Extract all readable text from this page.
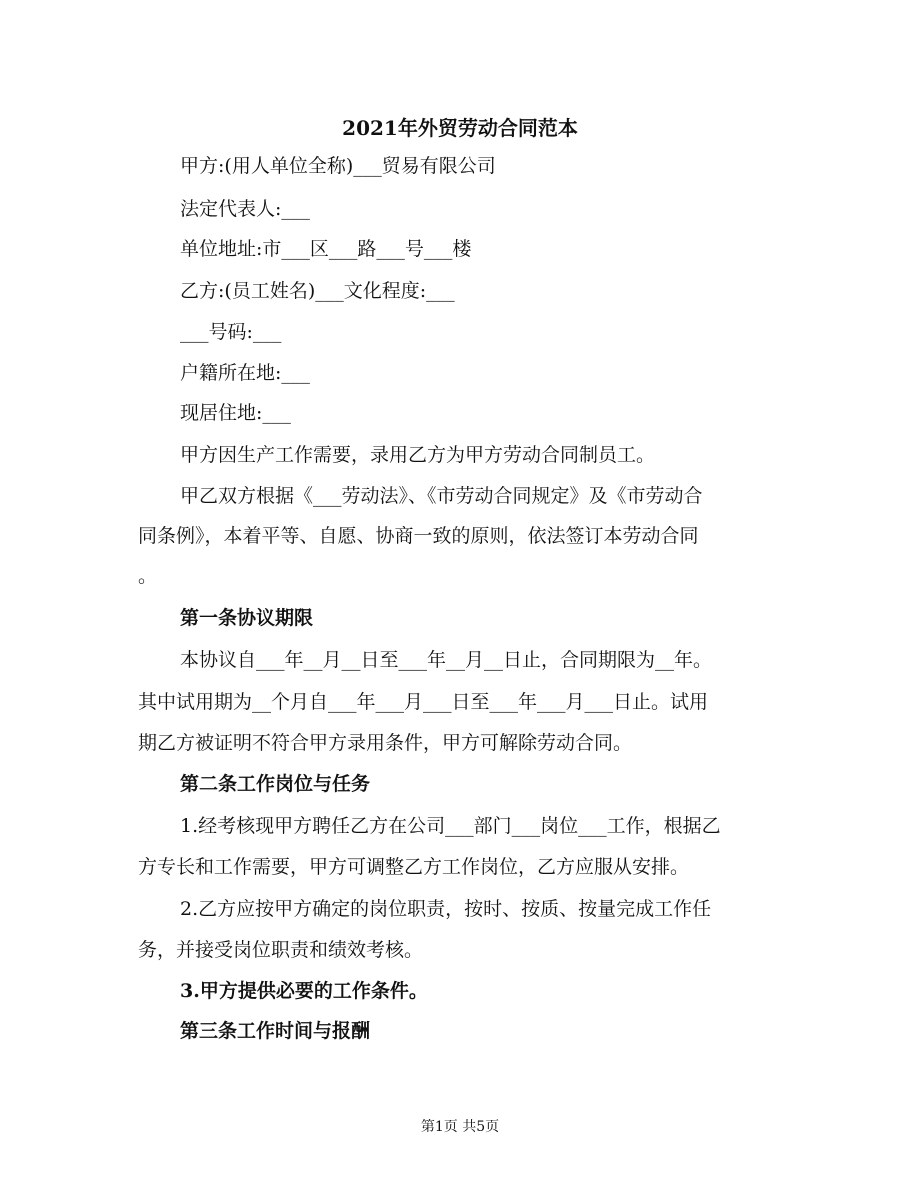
2021年外贸劳动合同范本
甲方:(用人单位全称)___贸易有限公司
法定代表人:___
单位地址:市___区___路___号___楼
乙方:(员工姓名)___文化程度:___
___号码:___
户籍所在地:___
现居住地:___
甲方因生产工作需要，录用乙方为甲方劳动合同制员工。
甲乙双方根据《___劳动法》、《市劳动合同规定》及《市劳动合
同条例》，本着平等、自愿、协商一致的原则，依法签订本劳动合同
。
第一条协议期限
本协议自___年__月__日至___年__月__日止，合同期限为__年。
其中试用期为__个月自___年___月___日至___年___月___日止。试用
期乙方被证明不符合甲方录用条件，甲方可解除劳动合同。
第二条工作岗位与任务
1.经考核现甲方聘任乙方在公司___部门___岗位___工作，根据乙
方专长和工作需要，甲方可调整乙方工作岗位，乙方应服从安排。
2.乙方应按甲方确定的岗位职责，按时、按质、按量完成工作任
务，并接受岗位职责和绩效考核。
3.甲方提供必要的工作条件。
第三条工作时间与报酬
第1页 共5页
